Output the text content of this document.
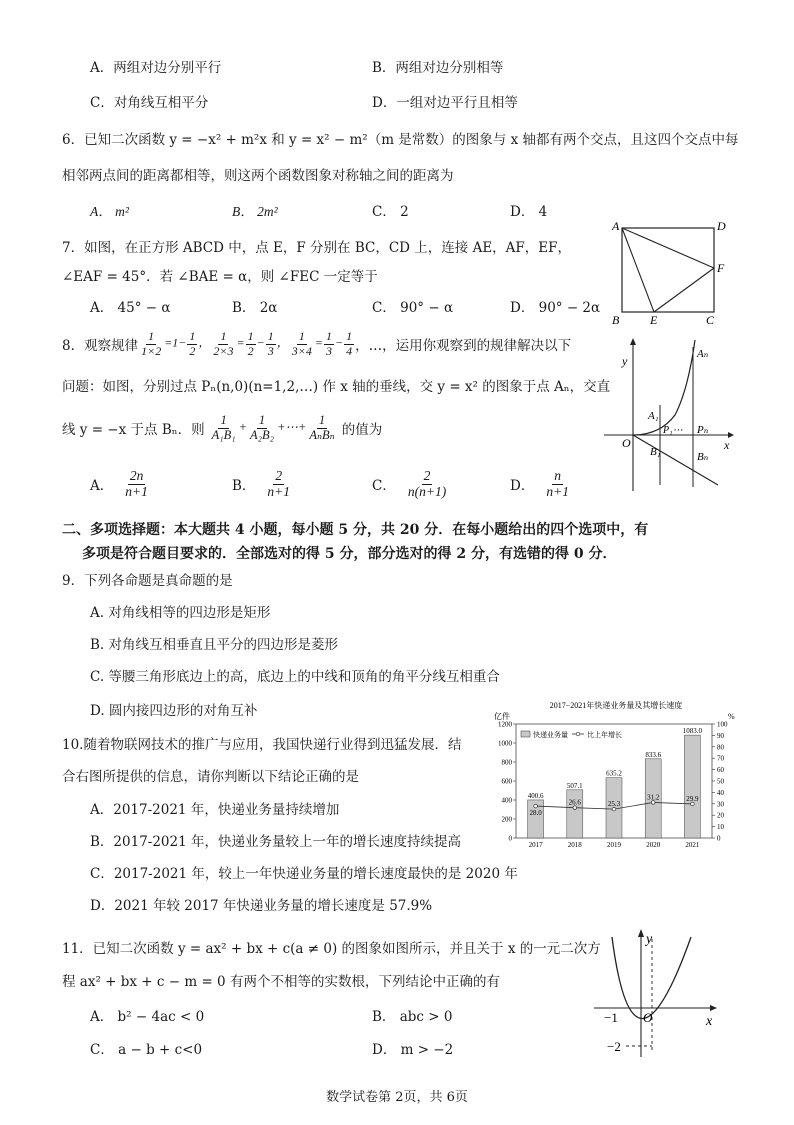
A．两组对边分别平行	B．两组对边分别相等
C．对角线互相平分	D．一组对边平行且相等
6．已知二次函数 y = −x² + m²x 和 y = x² − m²（m 是常数）的图象与 x 轴都有两个交点，且这四个交点中每
相邻两点间的距离都相等，则这两个函数图象对称轴之间的距离为
A． m²	B． 2m²	C． 2	D． 4
7．如图，在正方形 ABCD 中，点 E，F 分别在 BC，CD 上，连接 AE，AF，EF，
∠EAF = 45°．若 ∠BAE = α，则 ∠FEC 一定等于
A． 45° − α	B． 2α	C． 90° − α	D． 90° − 2α
A	D
B	E	C
F
8．观察规律 $\frac{1}{1\times 2} =1- \frac{1}{2}$ ， $\frac{1}{2\times 3} = \frac{1}{2} - \frac{1}{3}$ ， $\frac{1}{3\times 4} = \frac{1}{3} - \frac{1}{4}$ ，…，运用你观察到的规律解决以下
问题：如图，分别过点 Pₙ(n,0)(n=1,2,…) 作 x 轴的垂线，交 y = x² 的图象于点 Aₙ，交直
线 y = −x 于点 Bₙ．则 $\frac{1}{\text{A₁B₁}} + \frac{1}{\text{A₂B₂}}$ +⋯+ $\frac{1}{\text{AₙBₙ}}$ 的值为
A． $\frac{2n}{n+1}$	B． $\frac{2}{n+1}$	C． $\frac{2}{n(n+1)}$	D． $\frac{n}{n+1}$
y
x
O
Aₙ
A₁
P₁⋯ Pₙ
B₁	Bₙ
二、多项选择题：本大题共 4 小题，每小题 5 分，共 20 分．在每小题给出的四个选项中，有
多项是符合题目要求的．全部选对的得 5 分，部分选对的得 2 分，有选错的得 0 分．
9．下列各命题是真命题的是
A. 对角线相等的四边形是矩形
B. 对角线互相垂直且平分的四边形是菱形
C. 等腰三角形底边上的高，底边上的中线和顶角的角平分线互相重合
D. 圆内接四边形的对角互补
10.随着物联网技术的推广与应用，我国快递行业得到迅猛发展．结
合右图所提供的信息，请你判断以下结论正确的是
A．2017-2021 年，快递业务量持续增加
B．2017-2021 年，快递业务量较上一年的增长速度持续提高
C．2017-2021 年，较上一年快递业务量的增长速度最快的是 2020 年
D．2021 年较 2017 年快递业务量的增长速度是 57.9%
2017−2021年快递业务量及其增长速度
亿件	%
0
200
400
600
800
1000
1200
0
10
20
30
40
50
60
70
80
90
100
400.6
2017
507.1
2018
635.2
2019
833.6
2020
1083.0
2021
28.0
26.6	25.3
31.2	29.9
快递业务量	比上年增长
11．已知二次函数 y = ax² + bx + c(a ≠ 0) 的图象如图所示，并且关于 x 的一元二次方
程 ax² + bx + c − m = 0 有两个不相等的实数根，下列结论中正确的有
A． b² − 4ac < 0	B． abc > 0
C． a − b + c<0	D． m > −2
y
x
O
−1
−2
数学试卷第 2页，共 6页
